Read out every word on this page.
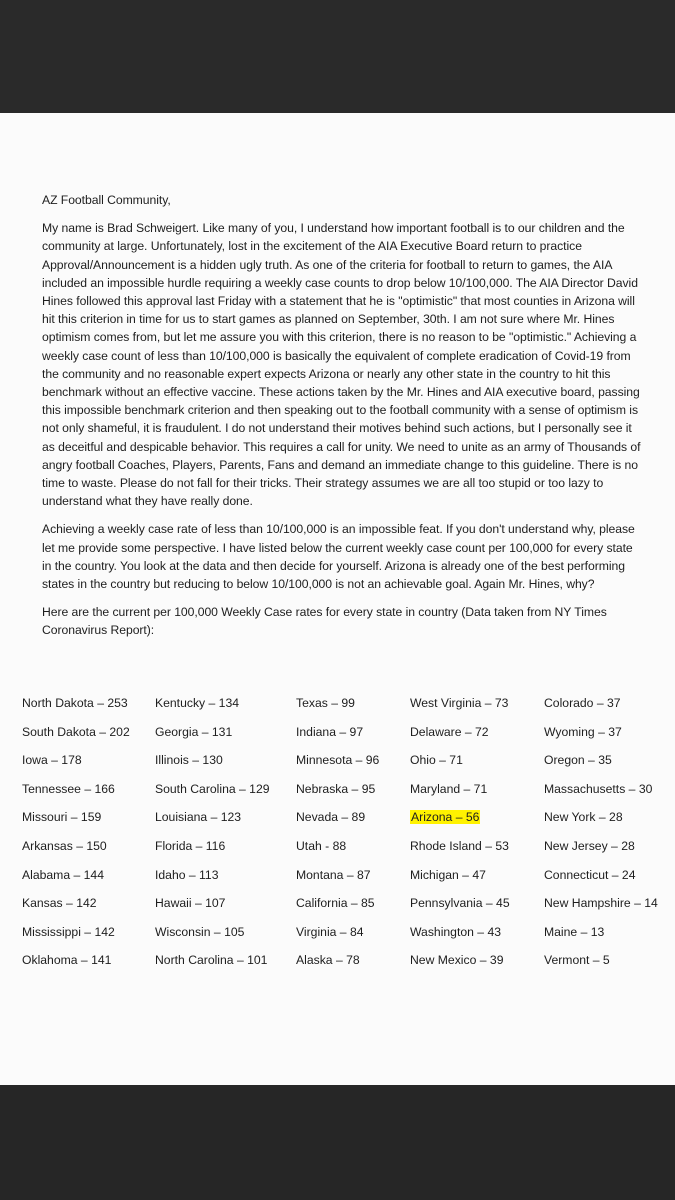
AZ Football Community,

My name is Brad Schweigert. Like many of you, I understand how important football is to our children and the community at large. Unfortunately, lost in the excitement of the AIA Executive Board return to practice Approval/Announcement is a hidden ugly truth. As one of the criteria for football to return to games, the AIA included an impossible hurdle requiring a weekly case counts to drop below 10/100,000. The AIA Director David Hines followed this approval last Friday with a statement that he is "optimistic" that most counties in Arizona will hit this criterion in time for us to start games as planned on September, 30th. I am not sure where Mr. Hines optimism comes from, but let me assure you with this criterion, there is no reason to be "optimistic." Achieving a weekly case count of less than 10/100,000 is basically the equivalent of complete eradication of Covid-19 from the community and no reasonable expert expects Arizona or nearly any other state in the country to hit this benchmark without an effective vaccine. These actions taken by the Mr. Hines and AIA executive board, passing this impossible benchmark criterion and then speaking out to the football community with a sense of optimism is not only shameful, it is fraudulent. I do not understand their motives behind such actions, but I personally see it as deceitful and despicable behavior. This requires a call for unity. We need to unite as an army of Thousands of angry football Coaches, Players, Parents, Fans and demand an immediate change to this guideline. There is no time to waste. Please do not fall for their tricks. Their strategy assumes we are all too stupid or too lazy to understand what they have really done.

Achieving a weekly case rate of less than 10/100,000 is an impossible feat. If you don't understand why, please let me provide some perspective. I have listed below the current weekly case count per 100,000 for every state in the country. You look at the data and then decide for yourself. Arizona is already one of the best performing states in the country but reducing to below 10/100,000 is not an achievable goal. Again Mr. Hines, why?

Here are the current per 100,000 Weekly Case rates for every state in country (Data taken from NY Times Coronavirus Report):

North Dakota – 253 Kentucky – 134	Texas – 99	West Virginia – 73	Colorado – 37
South Dakota – 202 Georgia – 131	Indiana – 97	Delaware – 72	Wyoming – 37
Iowa – 178	Illinois – 130	Minnesota – 96	Ohio – 71	Oregon – 35
Tennessee – 166	South Carolina – 129 Nebraska – 95	Maryland – 71	Massachusetts – 30
Missouri – 159	Louisiana – 123	Nevada – 89	Arizona – 56	New York – 28
Arkansas – 150	Florida – 116	Utah - 88	Rhode Island – 53	New Jersey – 28
Alabama – 144	Idaho – 113	Montana – 87	Michigan – 47	Connecticut – 24
Kansas – 142	Hawaii – 107	California – 85	Pennsylvania – 45	New Hampshire – 14
Mississippi – 142	Wisconsin – 105	Virginia – 84	Washington – 43	Maine – 13
Oklahoma – 141	North Carolina – 101 Alaska – 78	New Mexico – 39	Vermont – 5
